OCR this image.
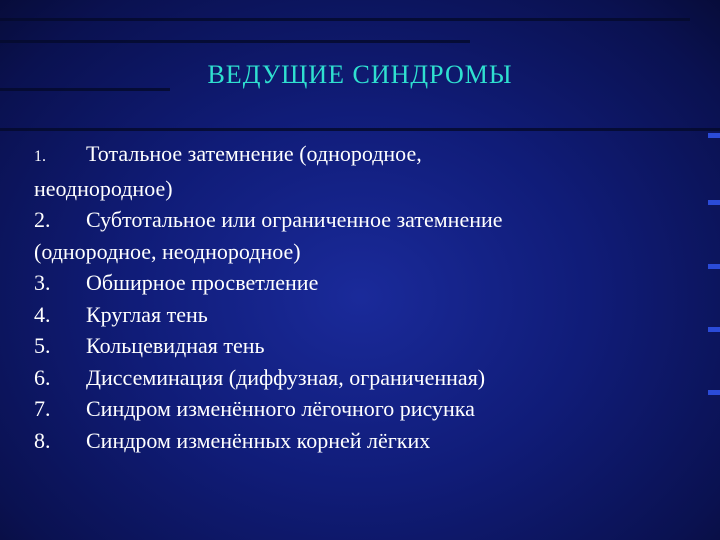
ВЕДУЩИЕ СИНДРОМЫ
1. Тотальное затемнение (однородное,
неоднородное)
2. Субтотальное или ограниченное затемнение
(однородное, неоднородное)
3. Обширное просветление
4. Круглая тень
5. Кольцевидная тень
6. Диссеминация (диффузная, ограниченная)
7. Синдром изменённого лёгочного рисунка
8. Синдром изменённых корней лёгких
